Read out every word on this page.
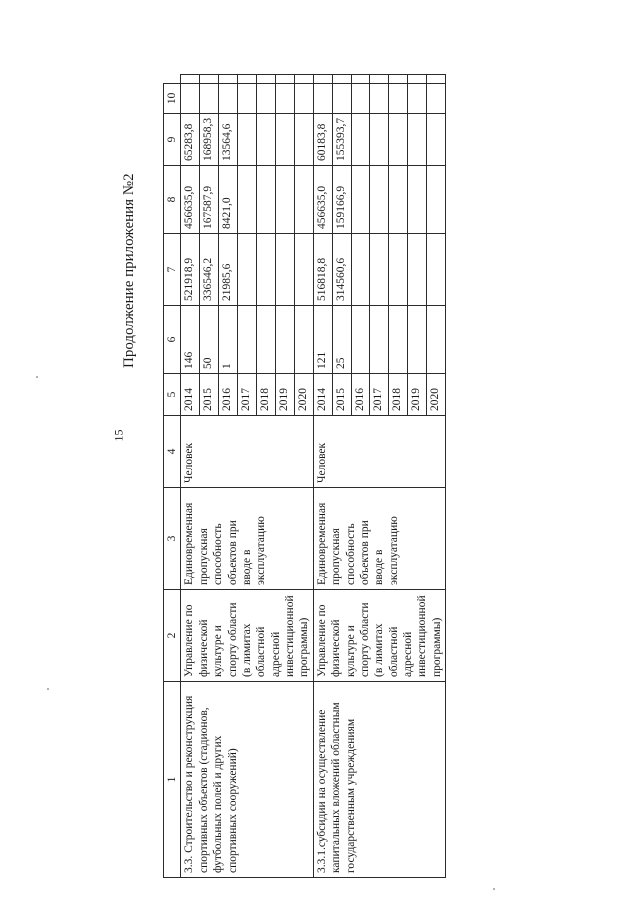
15
Продолжение приложения №2
1	2	3	4	5	6	7	8	9	10	
3.3. Строительство и реконструкция спортивных объектов (стадионов, футбольных полей и других спортивных сооружений)	Управление по физической культуре и спорту области (в лимитах областной адресной инвестиционной программы)	Единовременная пропускная способность объектов при вводе в эксплуатацию	Человек	2014	146	521918,9	456635,0	65283,8		
				2015	50	336546,2	167587,9	168958,3		
				2016	1	21985,6	8421,0	13564,6		
				2017						
				2018						
				2019						
				2020						
3.3.1.субсидии на осуществление капитальных вложений областным государственным учреждениям	Управление по физической культуре и спорту области (в лимитах областной адресной инвестиционной программы)	Единовременная пропускная способность объектов при вводе в эксплуатацию	Человек	2014	121	516818,8	456635,0	60183,8		
				2015	25	314560,6	159166,9	155393,7		
				2016						
				2017						
				2018						
				2019						
				2020						
